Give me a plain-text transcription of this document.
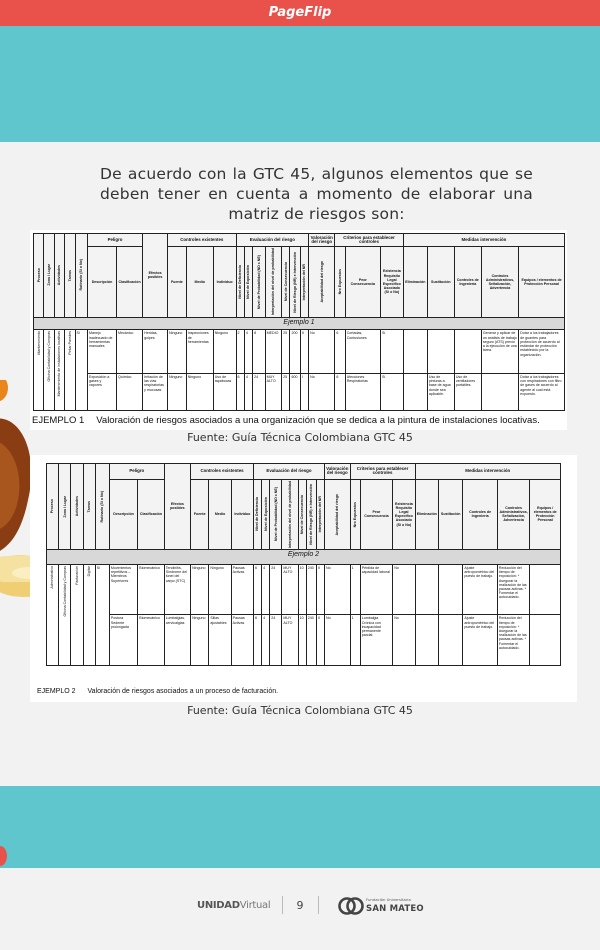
PageFlip

De acuerdo con la GTC 45, algunos elementos que se deben tener en cuenta a momento de elaborar una matriz de riesgos son:

Proceso	Zona / Lugar	Actividades	Tareas	Rutinario (Si o No)	Peligro		Efectos posibles	Controles existentes			Evaluación del riesgo							Valoración del riesgo	Criterios para establecer controles			Medidas intervención				
					Descripción	Clasificación		Fuente	Medio	Individuo	Nivel de Deficiencia	Nivel de Exposición	Nivel de Probabilidad (ND x NE)	Interpretación del nivel de probabilidad	Nivel de Consecuencia	Nivel de Riesgo (NR) e Intervención	Interpretación del NR	Aceptabilidad del riesgo	Nro Expuestos	Peor Consecuencia	Existencia Requisito Legal Específico Asociado (Si o No)	Eliminación	Sustitución	Controles de Ingeniería	Controles Administrativos, Señalización, Advertencia	Equipos / elementos de Protección Personal
Ejemplo 1																										

Mantenimiento	Oficina Contabilidad y Compras	Mantenimiento de instalaciones locativas	Pintar Paredes	Si	Manejo inadecuado de herramientas manuales	Mecánico	Heridas, golpes	Ninguno	Inspecciones de herramientas	Ninguno	2	4	8	MEDIO	25	200	II	No	6	Cortadas, Contusiones	Sí				Generar y aplicar de un análisis de trabajo seguro (ATS) previo a la ejecución de una tarea.	Dotar a los trabajadores de guantes para protección de acuerdo al estándar de protección establecido por la organización.
					Exposición a gases y vapores	Químico	Irritación de las vías respiratorias y mucosas	Ninguno	Ninguno	Uso de tapabocas	6	4	24	MUY ALTO	25	600	I	No	6	Afecciones Respiratorias	Sí		Uso de pinturas a base de agua donde sea aplicable.	Uso de ventiladores portátiles.		Dotar a los trabajadores con respiradores con filtro de gases de acuerdo al agente al cual está expuesto.
EJEMPLO 1 Valoración de riesgos asociados a una organización que se dedica a la pintura de instalaciones locativas.
Fuente: Guía Técnica Colombiana GTC 45
Proceso	Zona / Lugar	Actividades	Tareas	Rutinario (Si o No)	Peligro		Efectos posibles	Controles existentes			Evaluación del riesgo							Valoración del riesgo	Criterios para establecer controles			Medidas intervención				
					Descripción	Clasificación		Fuente	Medio	Individuo	Nivel de Deficiencia	Nivel de Exposición	Nivel de Probabilidad (ND x NE)	Interpretación del nivel de probabilidad	Nivel de Consecuencia	Nivel de Riesgo (NR) e Intervención	Interpretación del NR	Aceptabilidad del riesgo	Nro Expuestos	Peor Consecuencia	Existencia Requisito Legal Específico Asociado (Si o No)	Eliminación	Sustitución	Controles de Ingeniería	Controles Administrativos, Señalización, Advertencia	Equipos / elementos de Protección Personal
Ejemplo 2																										

Administrativo	Oficina Contabilidad y Compras	Facturación	Digitar	Si	Movimientos repetitivos – Miembros Superiores	Biomecánico	Tendinitis, Síndrome del túnel del carpo (STC)	Ninguno	Ninguno	Pausas Activas	6	4	24	MUY ALTO	10	240	II	No	1	Pérdida de capacidad laboral	No			Ajuste antropométrico del puesto de trabajo.	Reducción del tiempo de exposición: * Asegurar la realización de las pausas activas. * Fomentar el autocuidado.	
					Postura Sedente prolongada	Biomecánico	Lumbalgias, cervicalgias	Ninguno	Sillas ajustables	Pausas Activas	6	4	24	MUY ALTO	10	240	II	No	1	Lumbalgia Crónica con incapacidad permanente parcial.	No			Ajuste antropométrico del puesto de trabajo.	Reducción del tiempo de exposición: * Asegurar la realización de las pausas activas. * Fomentar el autocuidado.	
EJEMPLO 2 Valoración de riesgos asociados a un proceso de facturación.
Fuente: Guía Técnica Colombiana GTC 45
UNIDADVirtual	9	Fundación Universitaria
SAN MATEO
